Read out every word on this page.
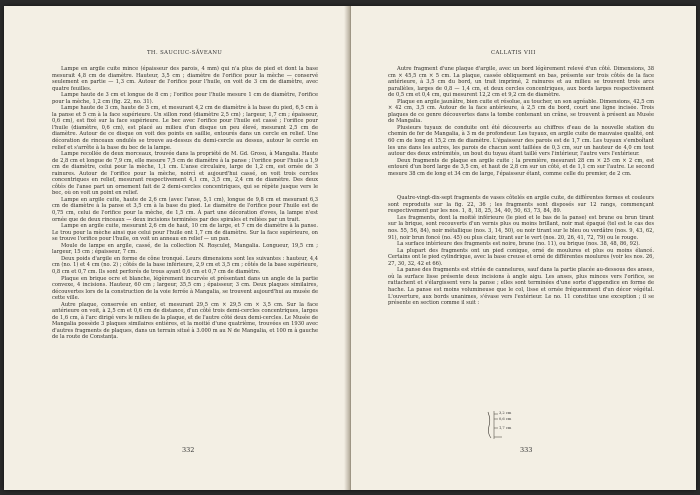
TH. SAUCIUC-SĂVEANU

Lampe en argile cuite mince (épaisseur des parois, 4 mm) qui n'a plus de pied et dont la base mesurait 4,8 cm de diamètre. Hauteur, 3,5 cm ; diamètre de l'orifice pour la mèche — conservé seulement en partie — 1,3 cm. Autour de l'orifice pour l'huile, on voit de 3 cm de diamètre, avec quatre feuilles.

Lampe haute de 3 cm et longue de 8 cm ; l'orifice pour l'huile mesure 1 cm de diamètre, l'orifice pour la mèche, 1,2 cm (fig. 22, no. 31).

Lampe haute de 3 cm, haute de 3 cm, et mesurant 4,2 cm de diamètre à la base du pied, 6,5 cm à la panse et 5 cm à la face supérieure. Un sillon rond (diamètre 2,5 cm) ; largeur, 1,7 cm ; épaisseur, 0,6 cm), est fixé sur la face supérieure. Le bec avec l'orifice pour l'huile est cassé ; l'orifice pour l'huile (diamètre, 0,6 cm), est placé au milieu d'un disque un peu élevé, mesurant 2,5 cm de diamètre. Autour de ce disque on voit des points en saillie, entourés dans un cercle en relief. Une décoration de rinceaux ondulés se trouve au-dessus du demi-cercle au dessus, autour le cercle en relief et s'arrête à la base du bec de la lampe.

Lampe recollée de deux morceaux, trouvée dans la propriété de M. Gd. Grosu, à Mangalia. Haute de 2,8 cm et longue de 7,9 cm, elle mesure 7,5 cm de diamètre à la panse ; l'orifice pour l'huile a 1,9 cm de diamètre, celui pour la mèche, 1,1 cm. L'anse circulaire, large de 1,2 cm, est ornée de 3 rainures. Autour de l'orifice pour la mèche, noircì et aujourd'hui cassé, on voit trois cercles concentriques en relief, mesurant respectivement 4,1 cm, 3,5 cm, 2,4 cm de diamètre. Des deux côtés de l'anse part un ornement fait de 2 demi-cercles concentriques, qui se répète jusque vers le bec, où on voit un point en relief.

Lampe en argile cuite, haute de 2,6 cm (avec l'anse, 5,1 cm), longue de 9,8 cm et mesurant 6,3 cm de diamètre à la panse et 3,5 cm à la base du pied. Le diamètre de l'orifice pour l'huile est de 0,75 cm, celui de l'orifice pour la mèche, de 1,5 cm. À part une décoration d'oves, la lampe n'est ornée que de deux rinceaux — deux incisions terminées par des spirales et reliées par un trait.

Lampe en argile cuite, mesurant 2,6 cm de haut, 10 cm de large, et 7 cm de diamètre à la panse. Le trou pour la mèche ainsi que celui pour l'huile ont 1,7 cm de diamètre. Sur la face supérieure, on se trouve l'orifice pour l'huile, on voit un anneau en relief — un pan.

Moule de lampe en argile, cassé, de la collection N. Roșculeț, Mangalia. Longueur, 19,5 cm ; largeur, 15 cm ; épaisseur, 7 cm.

Deux poids d'argile en forme de cône tronqué. Leurs dimensions sont les suivantes : hauteur, 4,4 cm (no. 1) et 4 cm (no. 2) ; côtés de la base inférieure, 2,9 cm et 3,5 cm ; côtés de la base supérieure, 0,8 cm et 0,7 cm. Ils sont perforés de trous ayant 0,6 cm et 0,7 cm de diamètre.

Plaque en brique ocre et blanche, légèrement incurvée et présentant dans un angle de la partie convexe, 4 incisions. Hauteur, 60 cm ; largeur, 35,5 cm ; épaisseur, 3 cm. Deux plaques similaires, découvertes lors de la construction de la voie ferrée à Mangalia, se trouvent aujourd'hui au musée de cette ville.

Autre plaque, conservée en entier, et mesurant 29,5 cm × 29,5 cm × 3,5 cm. Sur la face antérieure on voit, à 2,5 cm et 0,6 cm de distance, d'un côté trois demi-cercles concentriques, larges de 1,6 cm, à l'arc dirigé vers le milieu de la plaque, et de l'autre côté deux demi-cercles. Le Musée de Mangalia possède 3 plaques similaires entières, et la moitié d'une quatrième, trouvées en 1930 avec d'autres fragments de plaques, dans un terrain situé à 3.000 m au N de Mangalia, et 100 m à gauche de la route de Constanța.

332
CALLATIS VIII

Autre fragment d'une plaque d'argile, avec un bord légèrement relevé d'un côté. Dimensions, 38 cm × 45,5 cm × 5 cm. La plaque, cassée obliquement en bas, présente sur trois côtés de la face antérieure, à 3,5 cm du bord, un trait imprimé, 2 rainures et au milieu se trouvent trois arcs parallèles, larges de 0,8 — 1,4 cm, et deux cercles concentriques, aux bords larges respectivement de 0,5 cm et 0,4 cm, qui mesurent 12,2 cm et 9,2 cm de diamètre.

Plaque en argile jaunâtre, bien cuite et résolue, au toucher, un son agréable. Dimensions, 42,5 cm × 42 cm, 3,5 cm. Autour de la face antérieure, à 2,5 cm du bord, court une ligne incisée. Trois plaques de ce genre découvertes dans la tombe contenant un crâne, se trouvent à présent au Musée de Mangalia.

Plusieurs tuyaux de conduite ont été découverts au chiffres d'eau de la nouvelle station du chemin de fer de Mangalia, à 3 m de profondeur. Les tuyaux, en argile cuite de mauvaise qualité, ont 60 cm de long et 15,2 cm de diamètre. L'épaisseur des parois est de 1,7 cm. Les tuyaux s'emboîtant les uns dans les autres, les parois de chacun sont taillées de 0,3 cm, sur un hauteur de 4,0 cm tout autour des deux extrémités, un bout du tuyau étant taillé vers l'intérieur, l'autre vers l'extérieur.

Deux fragments de plaque en argile cuite ; la première, mesurant 28 cm × 25 cm × 2 cm, est entouré d'un bord large de 3,5 cm, et haut de 2,8 cm sur un côté, et de 1,1 cm sur l'autre. Le second mesure 38 cm de long et 34 cm de large, l'épaisseur étant, comme celle du premier, de 2 cm.

Quatre-vingt-dix-sept fragments de vases côtelés en argile cuite, de différentes formes et couleurs sont reproduits sur la fig. 22, 36 ; les fragments sont disposés sur 12 rangs, commençant respectivement par les nos. 1, 8, 18, 25, 34, 40, 50, 63, 73, 84, 89.

Les fragments, dont la moitié inférieure (le pied et le bas de la panse) est brune ou brun tirant sur la brique, sont recouverts d'un vernis plus ou moins brillant, noir mat épaqué (tel est le cas des nos. 55, 56, 84), noir métallique (nos. 3, 14, 50), ou noir tirant sur le bleu ou verdâtre (nos. 9, 43, 62, 91), noir brun foncé (no. 45) ou plus clair, tirant sur le vert (nos. 20, 26, 41, 72, 79) ou le rouge.

La surface intérieure des fragments est noire, brune (no. 11), ou brique (nos. 38, 48, 86, 92).

La plupart des fragments ont un pied conique, orné de moulures et plus ou moins élancé. Certains ont le pied cylindrique, avec la base creuse et orné de différentes moulures (voir les nos. 26, 27, 30, 32, 42 et 66).

La panse des fragments est striée de cannelures, sauf dans la partie placée au-dessous des anses, où la surface lisse présente deux incisions à angle aigu. Les anses, plus minces vers l'orifice, se rattachent et s'élargissent vers la panse ; elles sont terminées d'une sorte d'appendice en forme de hache. La panse est moins volumineuse que le col, lisse et ornée fréquemment d'un décor végétal. L'ouverture, aux bords unanimes, s'évase vers l'extérieur. Le no. 11 constitue une exception ; il se présente en section comme il suit :

333
3,2 cm
0,6 cm
1,7 cm
